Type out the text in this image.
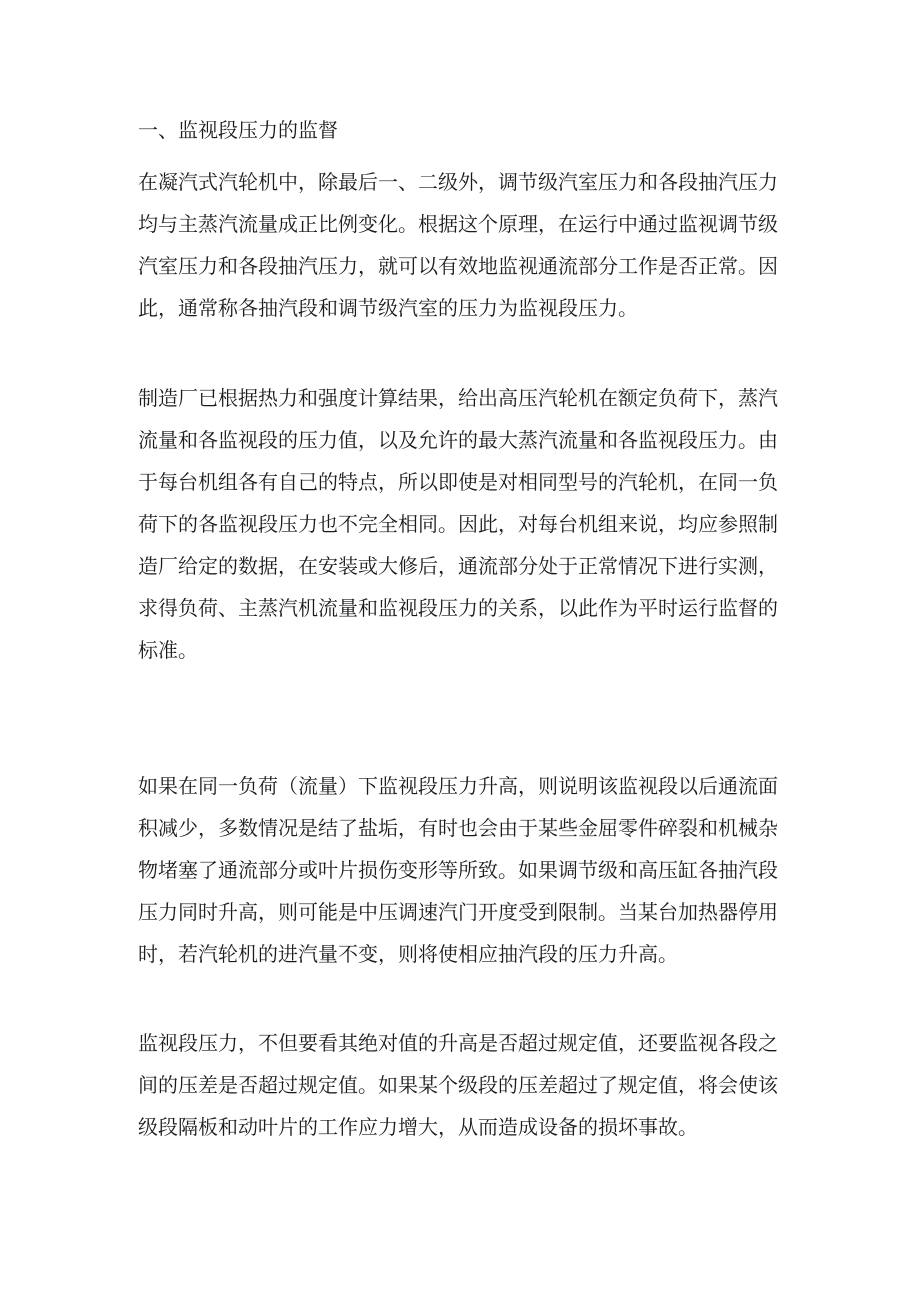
一、监视段压力的监督

在凝汽式汽轮机中，除最后一、二级外，调节级汽室压力和各段抽汽压力均与主蒸汽流量成正比例变化。根据这个原理，在运行中通过监视调节级汽室压力和各段抽汽压力，就可以有效地监视通流部分工作是否正常。因此，通常称各抽汽段和调节级汽室的压力为监视段压力。

制造厂已根据热力和强度计算结果，给出高压汽轮机在额定负荷下，蒸汽流量和各监视段的压力值，以及允许的最大蒸汽流量和各监视段压力。由于每台机组各有自己的特点，所以即使是对相同型号的汽轮机，在同一负荷下的各监视段压力也不完全相同。因此，对每台机组来说，均应参照制造厂给定的数据，在安装或大修后，通流部分处于正常情况下进行实测，求得负荷、主蒸汽机流量和监视段压力的关系，以此作为平时运行监督的标准。

如果在同一负荷（流量）下监视段压力升高，则说明该监视段以后通流面积减少，多数情况是结了盐垢，有时也会由于某些金屈零件碎裂和机械杂物堵塞了通流部分或叶片损伤变形等所致。如果调节级和高压缸各抽汽段压力同时升高，则可能是中压调速汽门开度受到限制。当某台加热器停用时，若汽轮机的进汽量不变，则将使相应抽汽段的压力升高。

监视段压力，不但要看其绝对值的升高是否超过规定值，还要监视各段之间的压差是否超过规定值。如果某个级段的压差超过了规定值，将会使该级段隔板和动叶片的工作应力增大，从而造成设备的损坏事故。
